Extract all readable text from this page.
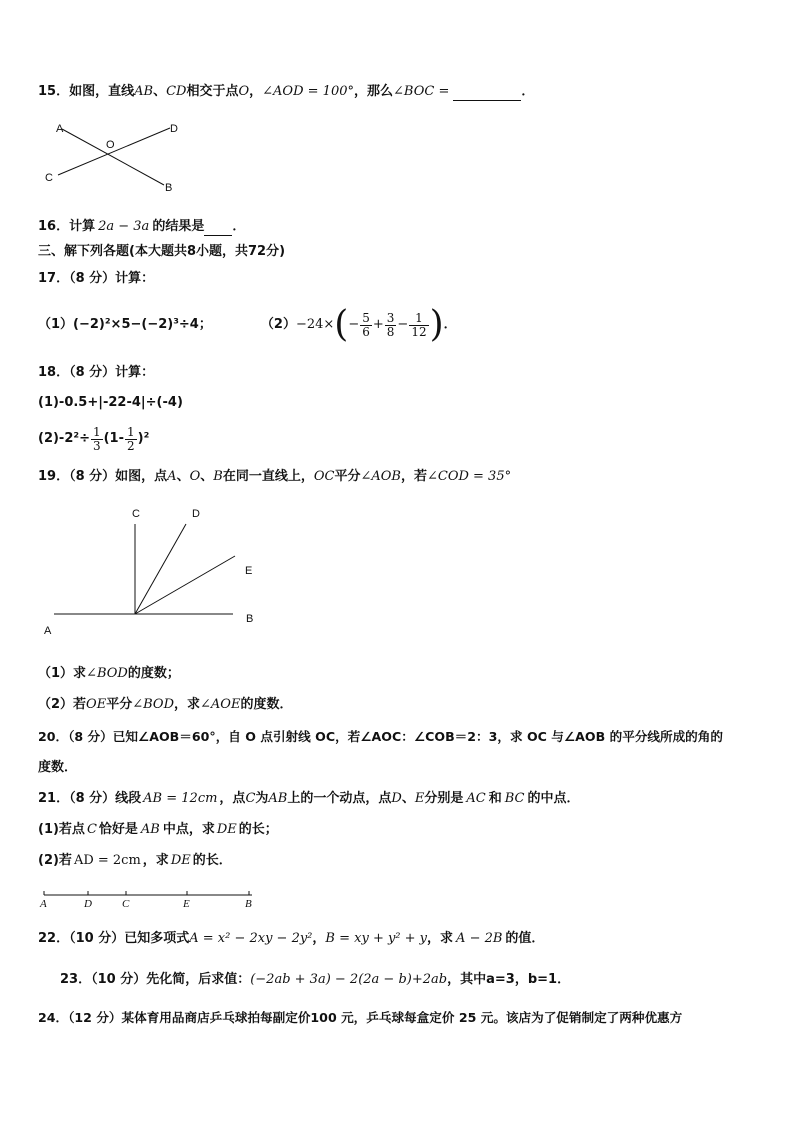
15．如图，直线AB、CD相交于点O，∠AOD = 100°，那么∠BOC =	．
A
O
D
C
B
16．计算 2a − 3a 的结果是 ．
三、解下列各题(本大题共8小题，共72分)
17．（8 分）计算：
（1）(−2)²×5−(−2)³÷4；	$(2)-24\times(- \frac{5}{6} + \frac{3}{8} - \frac{1}{12}$ )．
18．（8 分）计算：
(1)-0.5+|-22-4|÷(-4)
$(2)-2^2\div \frac{1}{3} (1- \frac{1}{2} )^2$
19．（8 分）如图，点A、O、B在同一直线上，OC平分∠AOB，若∠COD = 35°
C	D
E
A
B
（1）求∠BOD的度数；
（2）若OE平分∠BOD，求∠AOE的度数．
20．（8 分）已知∠AOB＝60°，自 O 点引射线 OC，若∠AOC：∠COB＝2：3，求 OC 与∠AOB 的平分线所成的角的
度数．
21．（8 分）线段 AB = 12cm ，点C为AB上的一个动点，点D、E分别是 AC 和 BC 的中点．
(1)若点 C 恰好是 AB 中点，求 DE 的长；
(2)若 AD = 2cm ，求 DE 的长．
A	D	C	E	B
22．（10 分）已知多项式A = x² − 2xy − 2y²，B = xy + y² + y，求 A − 2B 的值．
23．（10 分）先化简，后求值：(−2ab + 3a) − 2(2a − b)+2ab，其中a=3，b=1．
24．（12 分）某体育用品商店乒乓球拍每副定价100 元，乒乓球每盒定价 25 元。该店为了促销制定了两种优惠方
